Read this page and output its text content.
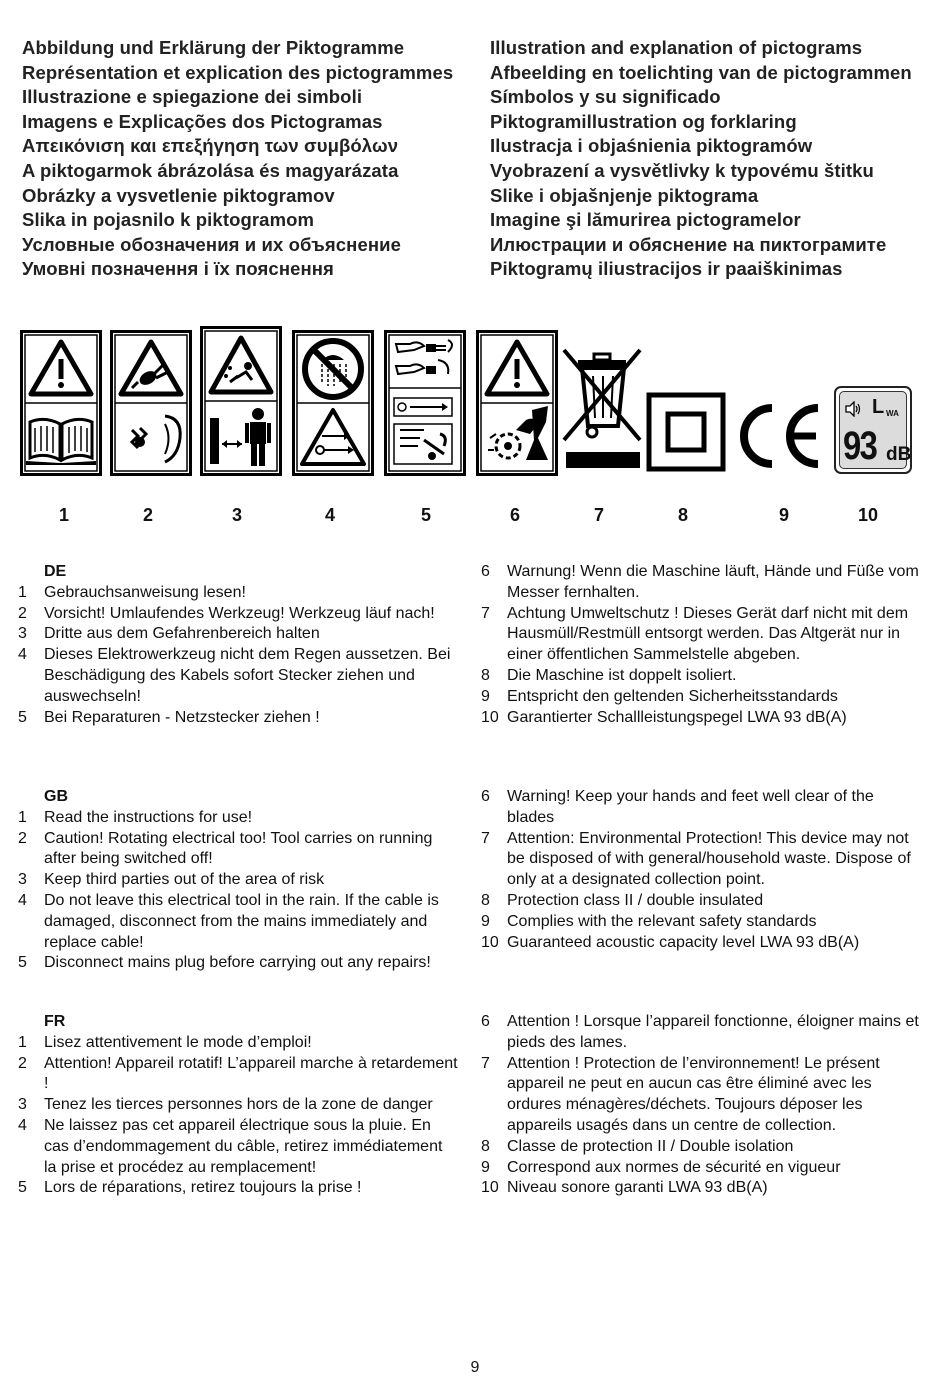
Abbildung und Erklärung der Piktogramme
Représentation et explication des pictogrammes
Illustrazione e spiegazione dei simboli
Imagens e Explicações dos Pictogramas
Απεικόνιση και επεξήγηση των συμβόλων
A piktogarmok ábrázolása és magyarázata
Obrázky a vysvetlenie piktogramov
Slika in pojasnilo k piktogramom
Условные обозначения и их объяснение
Умовні позначення і їх пояснення
Illustration and explanation of pictograms
Afbeelding en toelichting van de pictogrammen
Símbolos y su significado
Piktogramillustration og forklaring
Ilustracja i objaśnienia piktogramów
Vyobrazení a vysvětlivky k typovému štitku
Slike i objašnjenje piktograma
Imagine şi lămurirea pictogramelor
Илюстрации и обяснение на пиктограмите
Piktogramų iliustracijos ir paaiškinimas
L WA
93 dB
1	2	3	4	5	6	7	8	9	10
DE
1	Gebrauchsanweisung lesen!
2	Vorsicht! Umlaufendes Werkzeug! Werkzeug läuf nach!
3	Dritte aus dem Gefahrenbereich halten
4	Dieses Elektrowerkzeug nicht dem Regen aussetzen. Bei Beschädigung des Kabels sofort Stecker ziehen und auswechseln!
5	Bei Reparaturen - Netzstecker ziehen !
6	Warnung! Wenn die Maschine läuft, Hände und Füße vom Messer fernhalten.
7	Achtung Umweltschutz ! Dieses Gerät darf nicht mit dem Hausmüll/Restmüll entsorgt werden. Das Altgerät nur in einer öffentlichen Sammelstelle abgeben.
8	Die Maschine ist doppelt isoliert.
9	Entspricht den geltenden Sicherheitsstandards
10 Garantierter Schallleistungspegel LWA 93 dB(A)
GB
1	Read the instructions for use!
2	Caution! Rotating electrical too! Tool carries on running after being switched off!
3	Keep third parties out of the area of risk
4	Do not leave this electrical tool in the rain. If the cable is damaged, disconnect from the mains immediately and replace cable!
5	Disconnect mains plug before carrying out any repairs!
6	Warning! Keep your hands and feet well clear of the blades
7	Attention: Environmental Protection! This device may not be disposed of with general/household waste. Dispose of only at a designated collection point.
8	Protection class II / double insulated
9	Complies with the relevant safety standards
10 Guaranteed acoustic capacity level LWA 93 dB(A)
FR
1	Lisez attentivement le mode d’emploi!
2	Attention! Appareil rotatif! L’appareil marche à retardement !
3	Tenez les tierces personnes hors de la zone de danger
4	Ne laissez pas cet appareil électrique sous la pluie. En cas d’endommagement du câble, retirez immédiatement la prise et procédez au remplacement!
5	Lors de réparations, retirez toujours la prise !
6	Attention ! Lorsque l’appareil fonctionne, éloigner mains et pieds des lames.
7	Attention ! Protection de l’environnement! Le présent appareil ne peut en aucun cas être éliminé avec les ordures ménagères/déchets. Toujours déposer les appareils usagés dans un centre de collection.
8	Classe de protection II / Double isolation
9	Correspond aux normes de sécurité en vigueur
10 Niveau sonore garanti LWA 93 dB(A)
9
